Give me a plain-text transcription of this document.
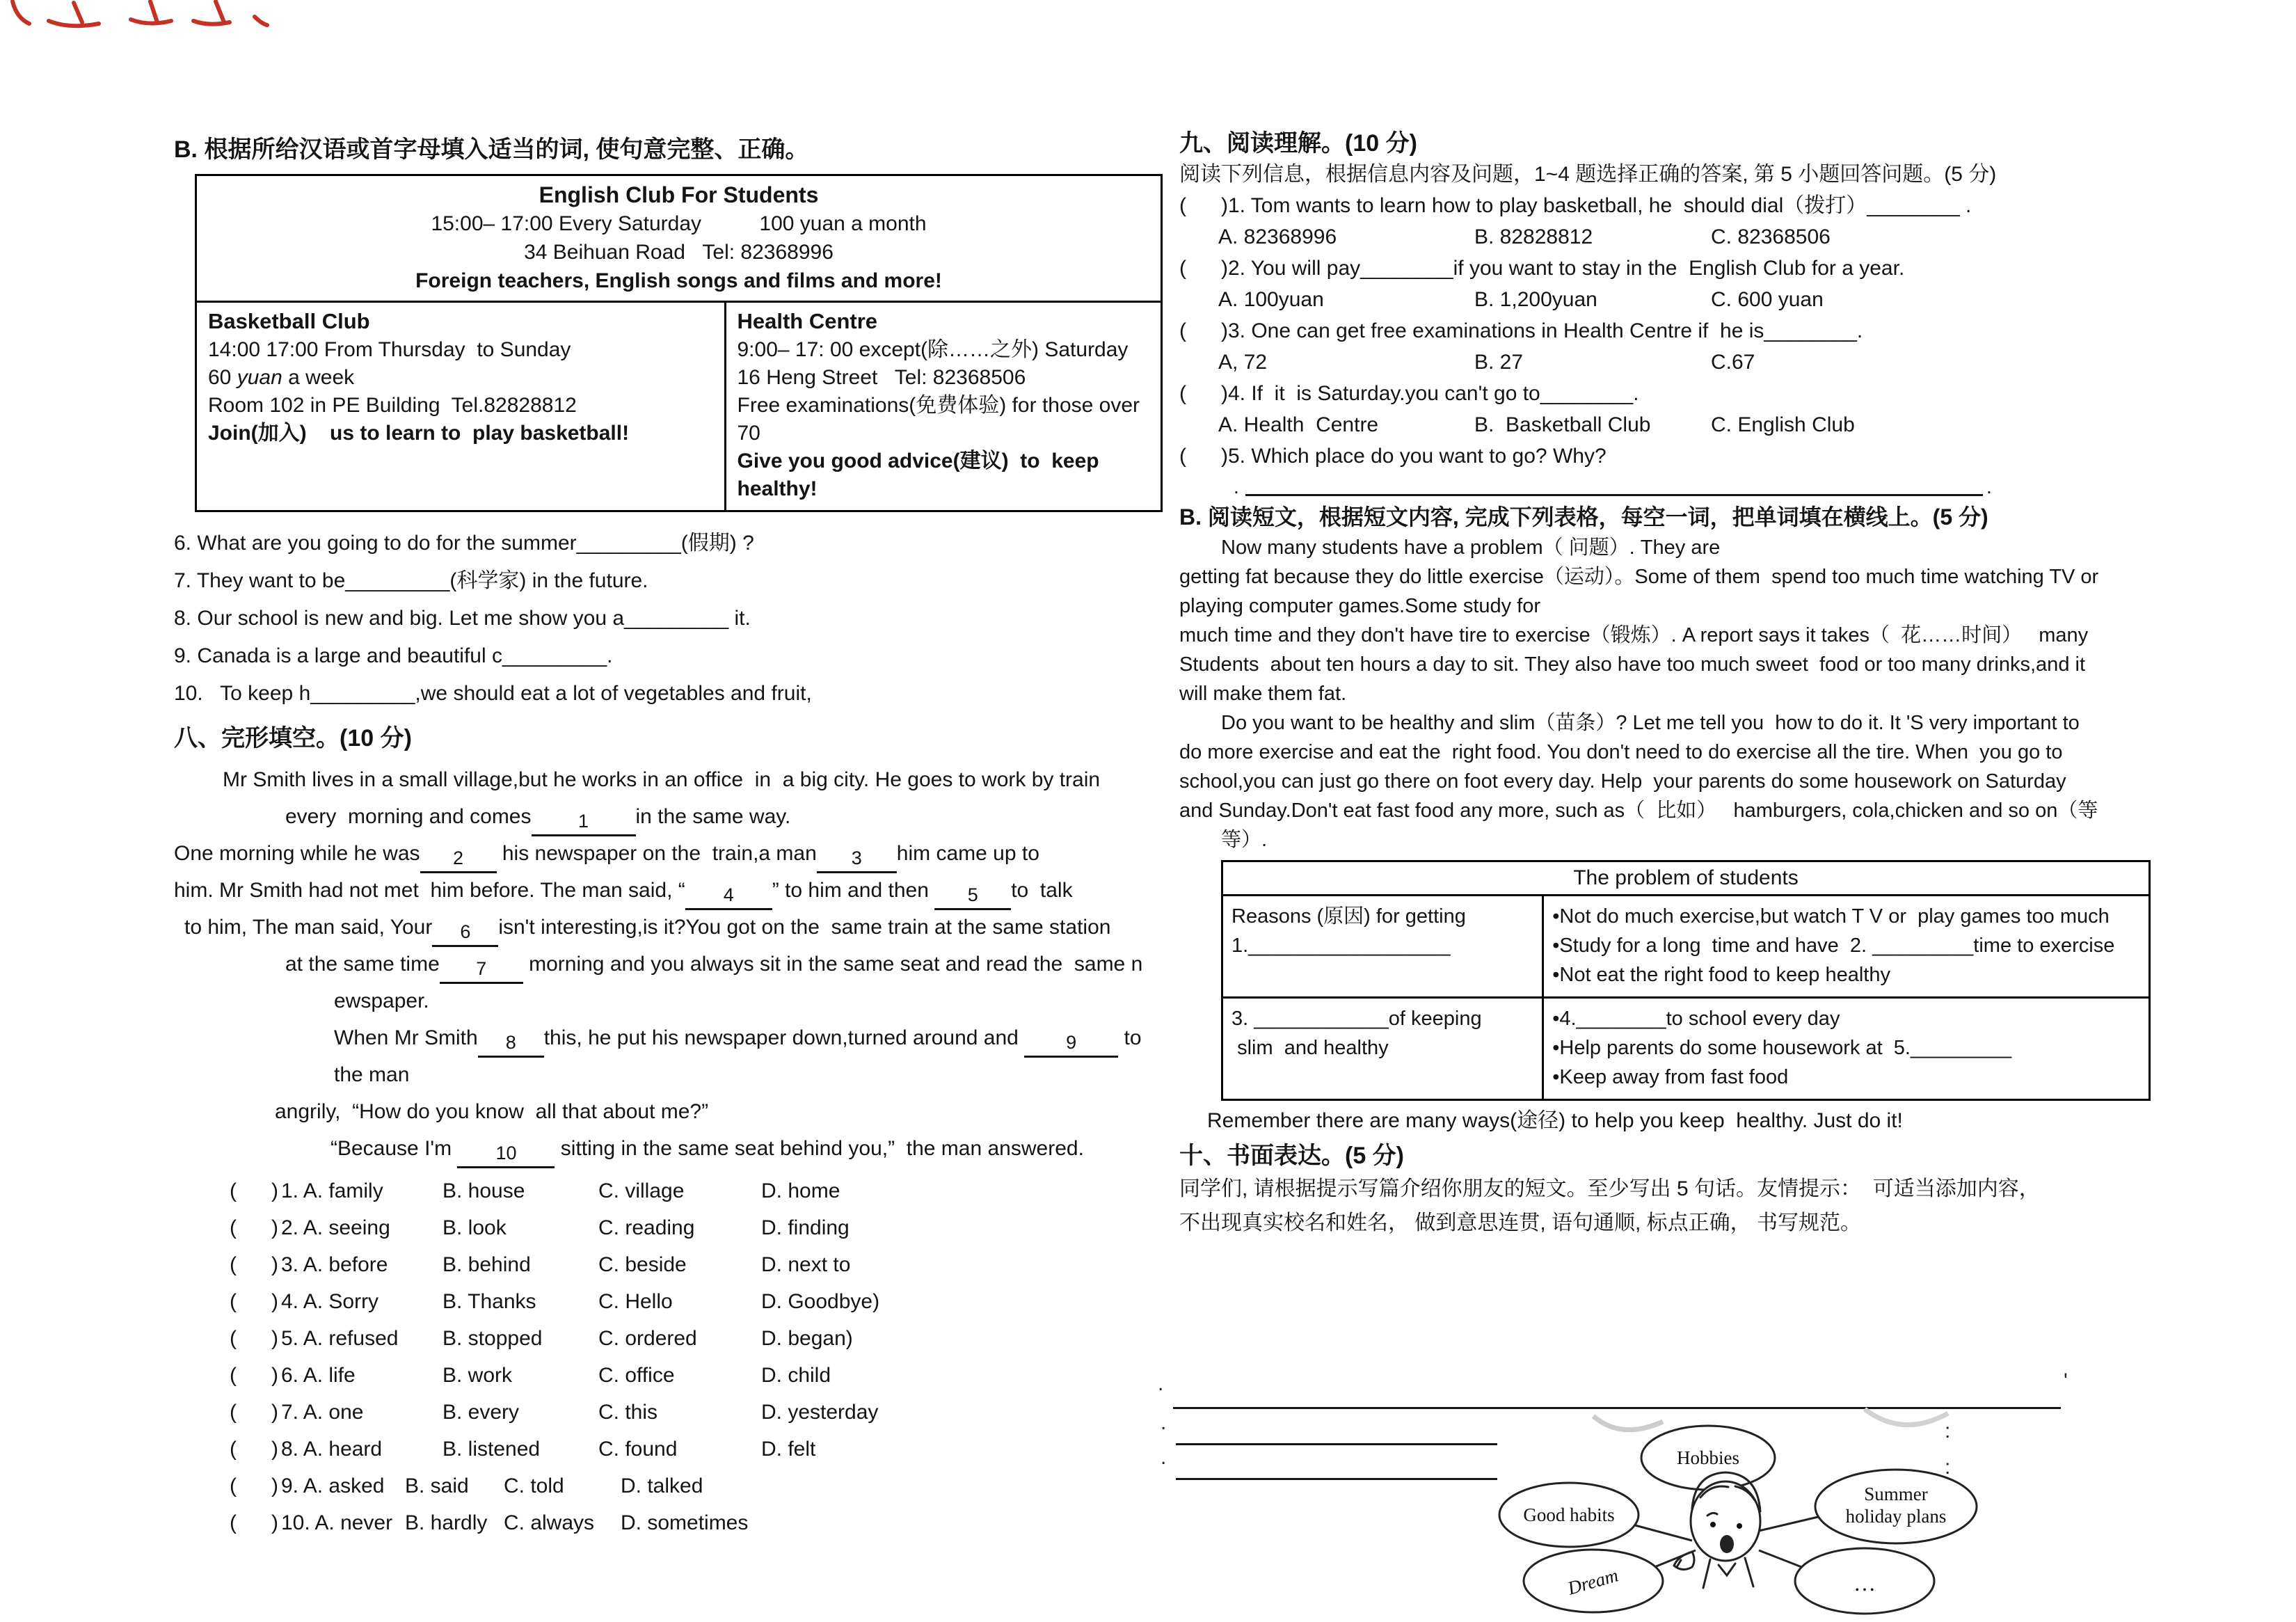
B. 根据所给汉语或首字母填入适当的词, 使句意完整、正确。
English Club For Students
15:00– 17:00 Every Saturday          100 yuan a month
34 Beihuan Road   Tel: 82368996
Foreign teachers, English songs and films and more!
Basketball Club
14:00 17:00 From Thursday  to Sunday
60 yuan a week
Room 102 in PE Building  Tel.82828812
Join(加入)    us to learn to  play basketball!
Health Centre
9:00– 17: 00 except(除……之外) Saturday
16 Heng Street   Tel: 82368506
Free examinations(免费体验) for those over 70
Give you good advice(建议)  to  keep healthy!
6. What are you going to do for the summer_________(假期) ?
7. They want to be_________(科学家) in the future.
8. Our school is new and big. Let me show you a_________ it.
9. Canada is a large and beautiful c_________.
10.   To keep h_________,we should eat a lot of vegetables and fruit,
八、完形填空。(10 分)
Mr Smith lives in a small village,but he works in an office  in  a big city. He goes to work by train
every  morning and comes 1 in the same way.
One morning while he was 2 his newspaper on the  train,a man 3 him came up to
him. Mr Smith had not met  him before. The man said, “ 4 ” to him and then 5 to  talk
to him, The man said, Your 6 isn't interesting,is it?You got on the  same train at the same station
at the same time 7 morning and you always sit in the same seat and read the  same n
ewspaper.
When Mr Smith 8 this, he put his newspaper down,turned around and 9 to
the man
angrily,  “How do you know  all that about me?”
“Because I'm 10 sitting in the same seat behind you,”  the man answered.
(      ) 1. A. family	B. house	C. village	D. home
(      ) 2. A. seeing	B. look	C. reading	D. finding
(      ) 3. A. before	B. behind	C. beside	D. next to
(      ) 4. A. Sorry	B. Thanks	C. Hello	D. Goodbye)
(      ) 5. A. refused	B. stopped	C. ordered	D. began)
(      ) 6. A. life	B. work	C. office	D. child
(      ) 7. A. one	B. every	C. this	D. yesterday
(      ) 8. A. heard	B. listened	C. found	D. felt
(      ) 9. A. asked B. said	C. told	D. talked
(      ) 10. A. never B. hardly C. always	D. sometimes
九、阅读理解。(10 分)
阅读下列信息，根据信息内容及问题，1~4 题选择正确的答案, 第 5 小题回答问题。(5 分)
(      )1. Tom wants to learn how to play basketball, he  should dial（拨打）________ .
A. 82368996	B. 82828812	C. 82368506
(      )2. You will pay________if you want to stay in the  English Club for a year.
A. 100yuan	B. 1,200yuan	C. 600 yuan
(      )3. One can get free examinations in Health Centre if  he is________.
A, 72	B. 27	C.67
(      )4. If  it  is Saturday.you can't go to________.
A. Health  Centre	B.  Basketball Club	C. English Club
(      )5. Which place do you want to go? Why?
.	.
B. 阅读短文，根据短文内容, 完成下列表格，每空一词，把单词填在横线上。(5 分)
Now many students have a problem（ 问题）. They are
getting fat because they do little exercise（运动）。Some of them  spend too much time watching TV or
playing computer games.Some study for
much time and they don't have tire to exercise（锻炼）. A report says it takes（  花……时间）   many
Students  about ten hours a day to sit. They also have too much sweet  food or too many drinks,and it
will make them fat.
Do you want to be healthy and slim（苗条）? Let me tell you  how to do it. It 'S very important to
do more exercise and eat the  right food. You don't need to do exercise all the tire. When  you go to
school,you can just go there on foot every day. Help  your parents do some housework on Saturday
and Sunday.Don't eat fast food any more, such as（  比如）   hamburgers, cola,chicken and so on（等
等）.
The problem of students
Reasons (原因) for getting
1.__________________
•Not do much exercise,but watch T V or  play games too much
•Study for a long  time and have  2. _________time to exercise
•Not eat the right food to keep healthy
3. ____________of keeping
slim  and healthy
•4.________to school every day
•Help parents do some housework at  5._________
•Keep away from fast food
Remember there are many ways(途径) to help you keep  healthy. Just do it!
十、书面表达。(5 分)
同学们, 请根据提示写篇介绍你朋友的短文。至少写出 5 句话。友情提示：  可适当添加内容，
不出现真实校名和姓名， 做到意思连贯, 语句通顺, 标点正确， 书写规范。
.	'
.	:
.	:
Hobbies
Good habits
Summer
holiday plans
Dream	…
